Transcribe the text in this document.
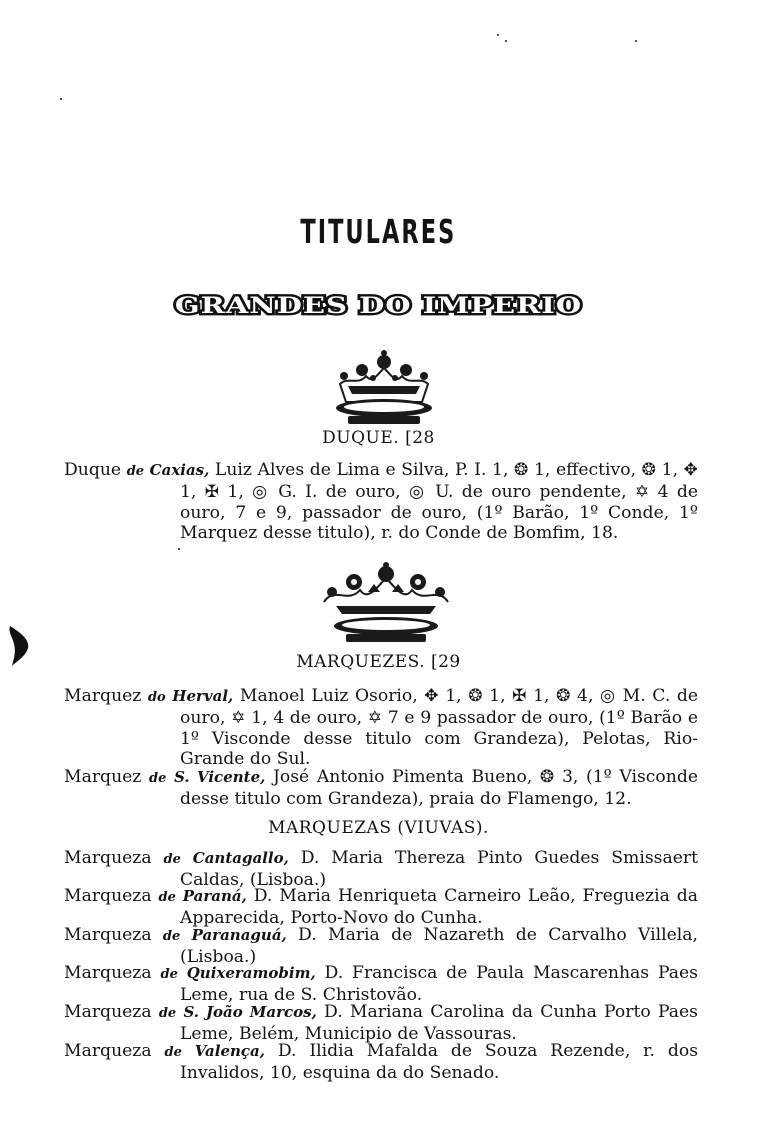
TITULARES
GRANDES DO IMPERIO
DUQUE. [28
Duque de Caxias, Luiz Alves de Lima e Silva, P. I. 1, ❂ 1, effectivo, ❂ 1, ✥ 1, ✠ 1, ◎ G. I. de ouro, ◎ U. de ouro pendente, ✡ 4 de ouro, 7 e 9, passador de ouro, (1º Barão, 1º Conde, 1º Marquez desse titulo), r. do Conde de Bomfim, 18.
MARQUEZES. [29
Marquez do Herval, Manoel Luiz Osorio, ✥ 1, ❂ 1, ✠ 1, ❂ 4, ◎ M. C. de ouro, ✡ 1, 4 de ouro, ✡ 7 e 9 passador de ouro, (1º Barão e 1º Visconde desse titulo com Grandeza), Pelotas, Rio-Grande do Sul.
Marquez de S. Vicente, José Antonio Pimenta Bueno, ❂ 3, (1º Visconde desse titulo com Grandeza), praia do Flamengo, 12.
MARQUEZAS (VIUVAS).
Marqueza de Cantagallo, D. Maria Thereza Pinto Guedes Smissaert Caldas, (Lisboa.)
Marqueza de Paraná, D. Maria Henriqueta Carneiro Leão, Freguezia da Apparecida, Porto-Novo do Cunha.
Marqueza de Paranaguá, D. Maria de Nazareth de Carvalho Villela, (Lisboa.)
Marqueza de Quixeramobim, D. Francisca de Paula Mascarenhas Paes Leme, rua de S. Christovão.
Marqueza de S. João Marcos, D. Mariana Carolina da Cunha Porto Paes Leme, Belém, Municipio de Vassouras.
Marqueza de Valença, D. Ilidia Mafalda de Souza Rezende, r. dos Invalidos, 10, esquina da do Senado.
